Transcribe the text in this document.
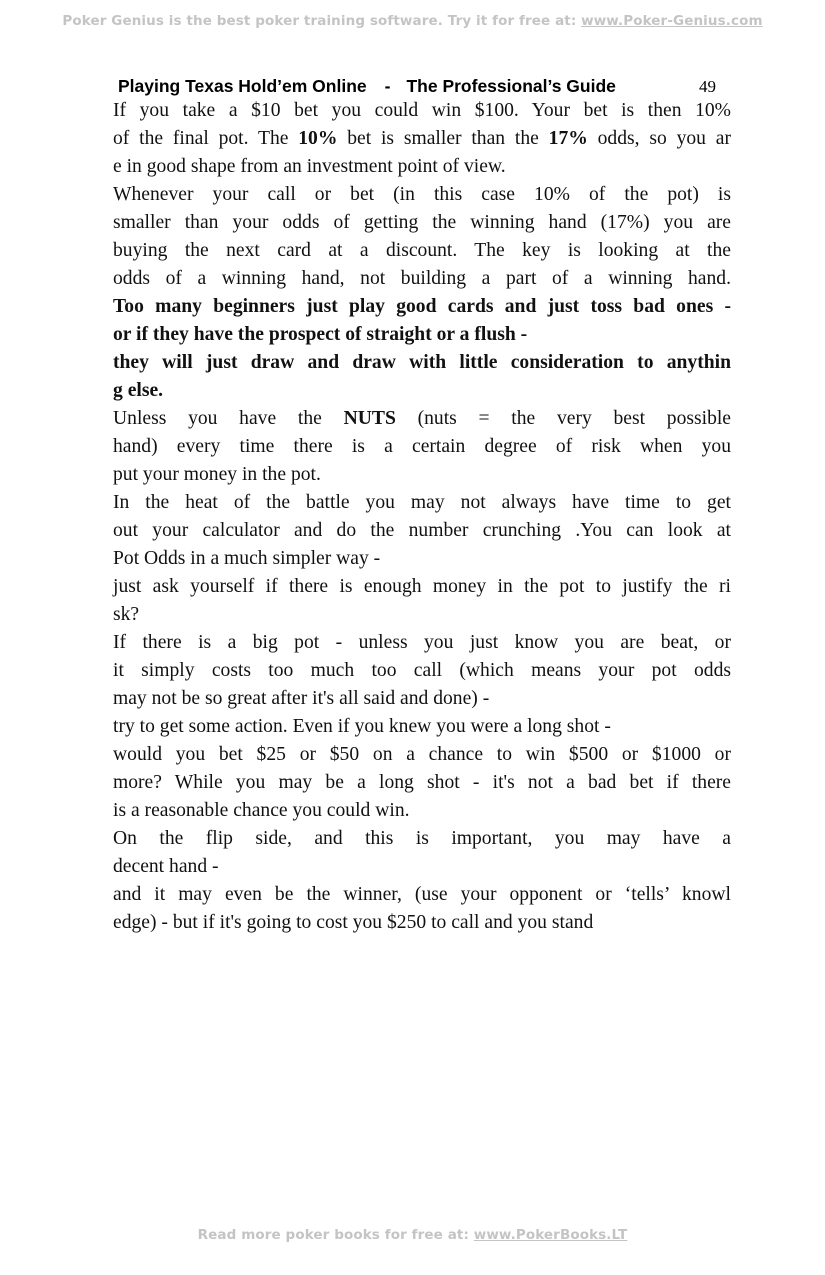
Poker Genius is the best poker training software. Try it for free at: www.Poker-Genius.com
Playing Texas Hold’em Online - The Professional’s Guide	49
If you take a $10 bet you could win $100. Your bet is then 10%
of the final pot. The 10% bet is smaller than the 17% odds, so you ar
e in good shape from an investment point of view.
Whenever your call or bet (in this case 10% of the pot) is
smaller than your odds of getting the winning hand (17%) you are
buying the next card at a discount. The key is looking at the
odds of a winning hand, not building a part of a winning hand.
Too many beginners just play good cards and just toss bad ones -
or if they have the prospect of straight or a flush -
they will just draw and draw with little consideration to anythin
g else.
Unless you have the NUTS (nuts = the very best possible
hand) every time there is a certain degree of risk when you
put your money in the pot.
In the heat of the battle you may not always have time to get
out your calculator and do the number crunching .You can look at
Pot Odds in a much simpler way -
just ask yourself if there is enough money in the pot to justify the ri
sk?
If there is a big pot - unless you just know you are beat, or
it simply costs too much too call (which means your pot odds
may not be so great after it's all said and done) -
try to get some action. Even if you knew you were a long shot -
would you bet $25 or $50 on a chance to win $500 or $1000 or
more? While you may be a long shot - it's not a bad bet if there
is a reasonable chance you could win.
On the flip side, and this is important, you may have a
decent hand -
and it may even be the winner, (use your opponent or ‘tells’ knowl
edge) - but if it's going to cost you $250 to call and you stand
Read more poker books for free at: www.PokerBooks.LT
